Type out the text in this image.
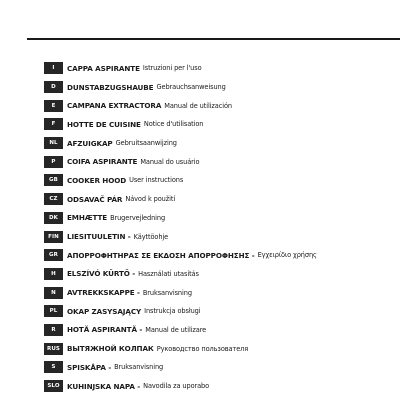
I	CAPPA ASPIRANTE Istruzioni per l'uso
D	DUNSTABZUGSHAUBE Gebrauchsanweisung
E	CAMPANA EXTRACTORA Manual de utilización
F	HOTTE DE CUISINE Notice d'utilisation
NL	AFZUIGKAP Gebruitsaanwijzing
P	COIFA ASPIRANTE Manual do usuário
GB	COOKER HOOD User instructions
CZ	ODSAVAČ PÁR Návod k použití
DK	EMHÆTTE Brugervejledning
FIN	LIESITUULETIN - Käyttöohje
GR	ΑΠΟΡΡΟΦΗΤΗΡΑΣ ΣΕ ΕΚΔΟΣΗ ΑΠΟΡΡΟΦΗΣΗΣ - Εγχειρίδιο χρήσης
H	ELSZÍVÓ KÜRTŐ - Használati utasítás
N	AVTREKKSKAPPE - Bruksanvisning
PL	OKAP ZASYSAJĄCY Instrukcja obsługi
R	HOTĂ ASPIRANTĂ - Manual de utilizare
RUS ВЫТЯЖНОЙ КОЛПАК Руководство пользователя
S	SPISKÅPA - Bruksanvisning
SLO	KUHINJSKA NAPA - Navodila za uporabo
